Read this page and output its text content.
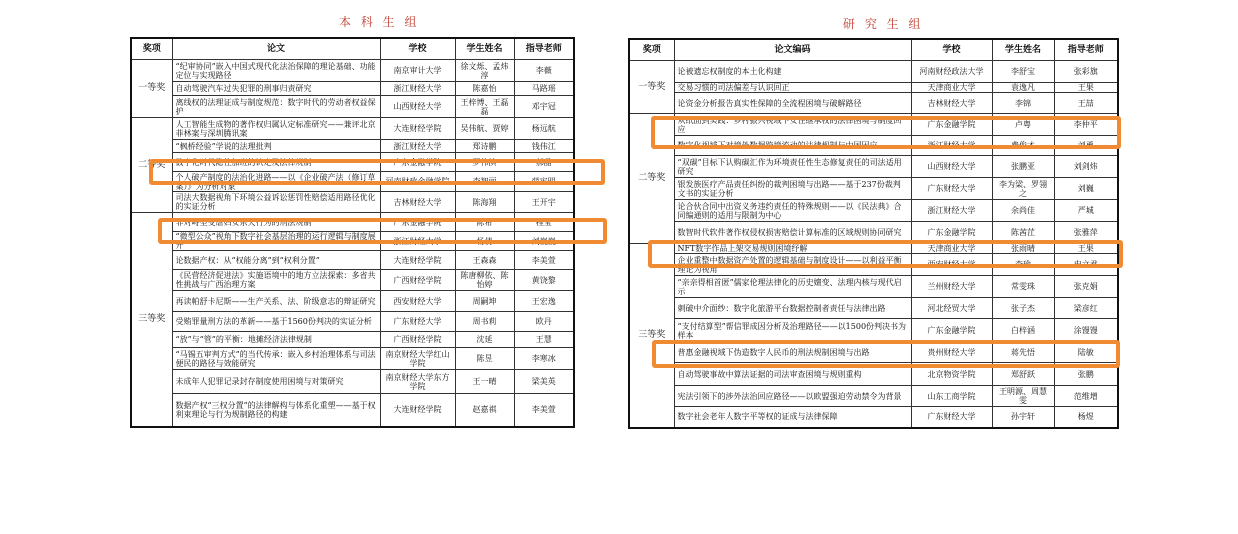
本 科 生 组
奖项	论文	学校	学生姓名	指导老师
一等奖	“纪审协同”嵌入中国式现代化法治保障的理论基础、功能定位与实现路径	南京审计大学	徐文烁、孟炜淳	李薇
	自动驾驶汽车过失犯罪的刑事归责研究	浙江财经大学	陈嘉怡	马路瑶
	离线权的法理证成与制度规范：数字时代的劳动者权益保护	山西财经大学	王梓博、王磊磊	邓宇冠
二等奖	人工智能生成物的著作权归属认定标准研究——兼评北京菲林案与深圳腾讯案	大连财经学院	吴伟航、贾婷	杨远航
	“枫桥经验”学说的法理批判	浙江财经大学	郑诗鹏	钱伟江
	数字化时代隐性加班的认定及法律规制	广东金融学院	罗伟滨	郝晶
	个人破产制度的法治化进路——以《企业破产法（修订草案）》为分析对象	河南财政金融学院	李智丽	薛宪明
	司法大数据视角下环境公益诉讼惩罚性赔偿适用路径优化的实证分析	吉林财经大学	陈海翔	王开宇
三等奖	非对峙型受虐妇女杀夫行为的刑法规制	广东金融学院	陈希	程莹
	“微型公众”视角下数字社会基层治理的运行逻辑与制度展开	浙江财经大学	杨倩	刘巍巍
	论数据产权：从“权能分离”到“权利分置”	大连财经学院	王森森	李美萱
	《民营经济促进法》实施语境中的地方立法探索：多省共性挑战与广西治理方案	广西财经学院	陈唐柳依、陈怡婷	黄饶黎
	再读帕舒卡尼斯——生产关系、法、阶级意志的辩证研究	西安财经大学	周嗣坤	王宏逸
	受贿罪量刑方法的革新——基于1560份判决的实证分析	广东财经大学	周书莉	欧丹
	“放”与“管”的平衡：地摊经济法律规制	广西财经学院	沈延	王慧
	“马锡五审判方式”的当代传承：嵌入乡村治理体系与司法便民的路径与效能研究	南京财经大学红山学院	陈昱	李寒冰
	未成年人犯罪记录封存制度使用困境与对策研究	南京财经大学东方学院	王一晴	梁美英
	数据产权“三权分置”的法律解构与体系化重塑——基于权利束理论与行为规制路径的构建	大连财经学院	赵嘉祺	李美萱
研 究 生 组
奖项	论文编码	学校	学生姓名	指导老师
一等奖	论被遗忘权制度的本土化构建	河南财经政法大学	李舒宝	张彩旗
	交易习惯的司法偏差与认识回正	天津商业大学	袁逸凡	王果
	论资金分析报告真实性保障的全流程困境与破解路径	吉林财经大学	李锦	王喆
二等奖	从纸面到实践：乡村振兴视域下女性继承权的法律困境与制度回应	广东金融学院	卢粤	李仲平
	数字化视域下对境外数据跨境流动的法律规制与中国因应	浙江财经大学	费俊才	刘勇
	“双碳”目标下认购碳汇作为环境责任性生态修复责任的司法适用研究	山西财经大学	张鹏亚	刘剑炜
	银发族医疗产品责任纠纷的裁判困境与出路——基于237份裁判文书的实证分析	广东财经大学	李为梁、罗翎之	刘巍
	论合伙合同中出资义务违约责任的特殊规则——以《民法典》合同编通则的适用与限制为中心	浙江财经大学	余尚佳	严城
	数智时代软件著作权侵权损害赔偿计算标准的区域规则协同研究	广东金融学院	陈茜茳	张雅萍
三等奖	NFT数字作品上架交易规则困境纾解	天津商业大学	张雨晴	王果
	企业重整中数据资产处置的逻辑基础与制度设计——以利益平衡理论为视角	西安财经大学	李瑜	申文君
	“亲亲得相首匿”儒家伦理法律化的历史嬗变、法理内核与现代启示	兰州财经大学	常雯珠	张克娟
	刺破中介面纱：数字化旅游平台数据控制者责任与法律出路	河北经贸大学	张子杰	梁彦红
	“支付结算型”帮信罪成因分析及治理路径——以1500份判决书为样本	广东金融学院	白梓涵	涂馒馒
	普惠金融视域下伪造数字人民币的刑法规制困境与出路	贵州财经大学	蒋先悟	陆敏
	自动驾驶事故中算法证据的司法审查困境与规则重构	北京物资学院	郑舒跃	张鹏
	宪法引领下的涉外法治回应路径——以欧盟强迫劳动禁令为背景	山东工商学院	王明源、周慧雯	范维增
	数字社会老年人数字平等权的证成与法律保障	广东财经大学	孙宇轩	杨煜
